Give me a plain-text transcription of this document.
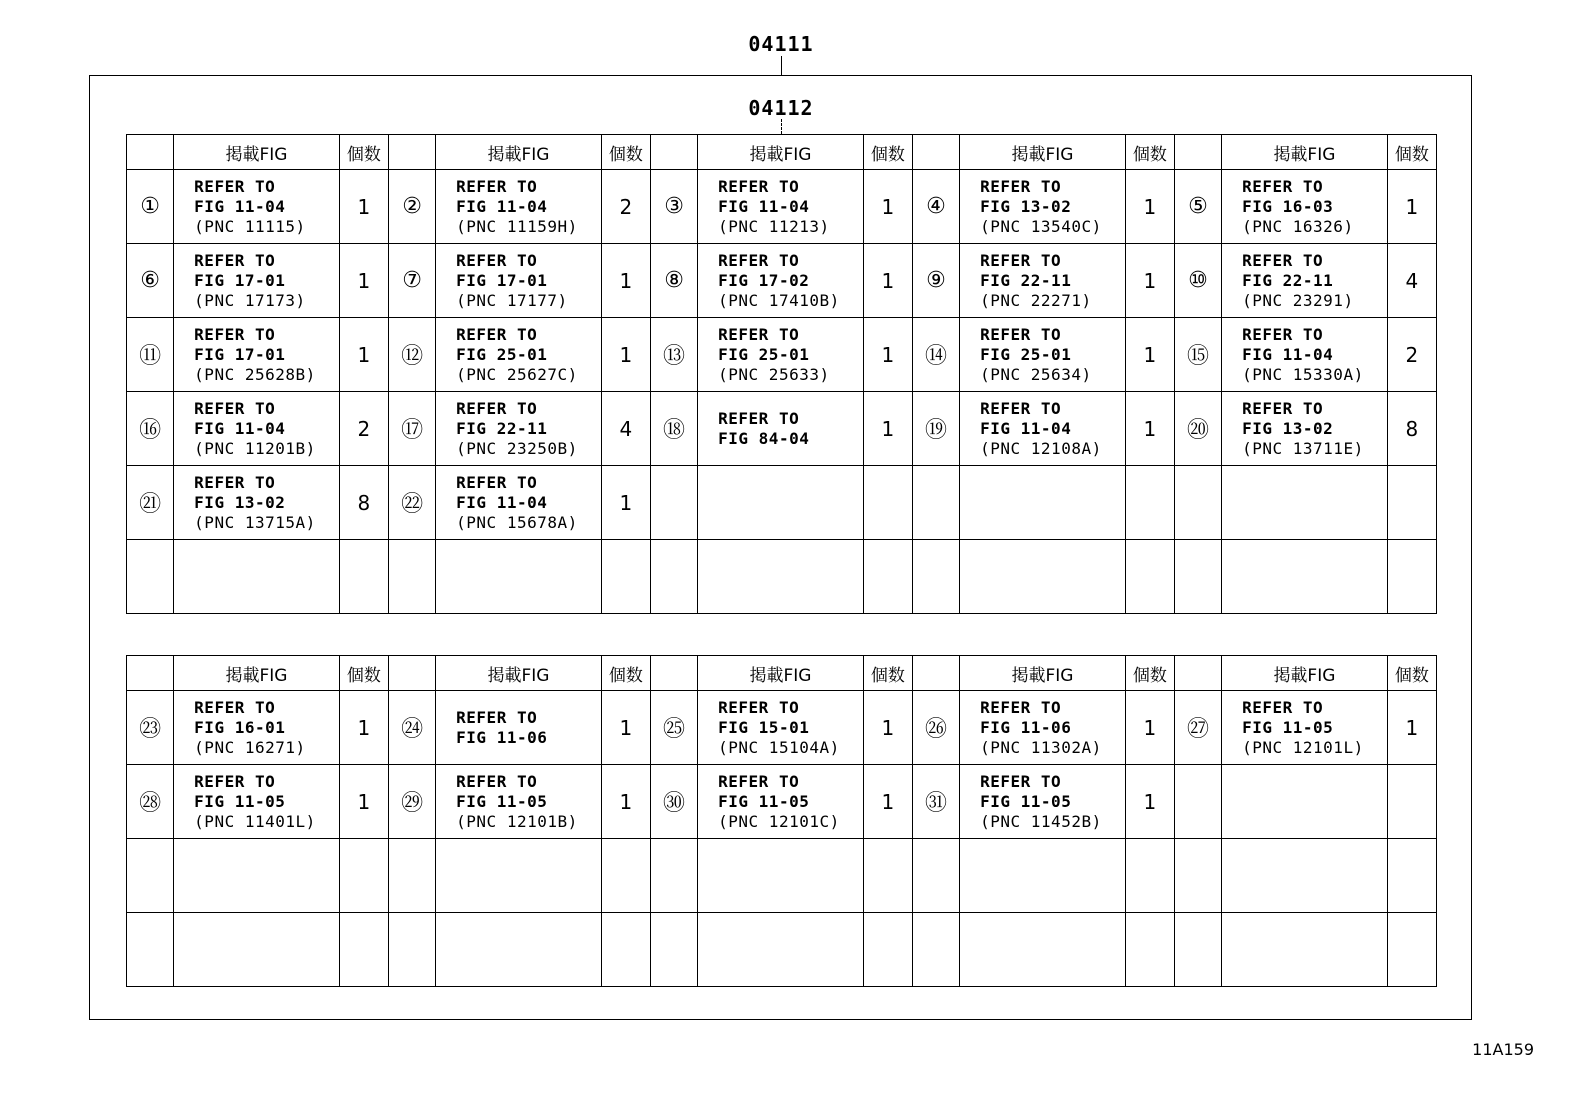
04111
04112
	掲載FIG	個数		掲載FIG	個数		掲載FIG	個数		掲載FIG	個数		掲載FIG	個数
①	REFER TO
FIG 11-04
(PNC 11115)	1	②	REFER TO
FIG 11-04
(PNC 11159H)	2	③	REFER TO
FIG 11-04
(PNC 11213)	1	④	REFER TO
FIG 13-02
(PNC 13540C)	1	⑤	REFER TO
FIG 16-03
(PNC 16326)	1
⑥	REFER TO
FIG 17-01
(PNC 17173)	1	⑦	REFER TO
FIG 17-01
(PNC 17177)	1	⑧	REFER TO
FIG 17-02
(PNC 17410B)	1	⑨	REFER TO
FIG 22-11
(PNC 22271)	1	⑩	REFER TO
FIG 22-11
(PNC 23291)	4
⑪	REFER TO
FIG 17-01
(PNC 25628B)	1	⑫	REFER TO
FIG 25-01
(PNC 25627C)	1	⑬	REFER TO
FIG 25-01
(PNC 25633)	1	⑭	REFER TO
FIG 25-01
(PNC 25634)	1	⑮	REFER TO
FIG 11-04
(PNC 15330A)	2
⑯	REFER TO
FIG 11-04
(PNC 11201B)	2	⑰	REFER TO
FIG 22-11
(PNC 23250B)	4	⑱	REFER TO
FIG 84-04	1	⑲	REFER TO
FIG 11-04
(PNC 12108A)	1	⑳	REFER TO
FIG 13-02
(PNC 13711E)	8
㉑	REFER TO
FIG 13-02
(PNC 13715A)	8	㉒	REFER TO
FIG 11-04
(PNC 15678A)	1									

	掲載FIG	個数		掲載FIG	個数		掲載FIG	個数		掲載FIG	個数		掲載FIG	個数
㉓	REFER TO
FIG 16-01
(PNC 16271)	1	㉔	REFER TO
FIG 11-06	1	㉕	REFER TO
FIG 15-01
(PNC 15104A)	1	㉖	REFER TO
FIG 11-06
(PNC 11302A)	1	㉗	REFER TO
FIG 11-05
(PNC 12101L)	1
㉘	REFER TO
FIG 11-05
(PNC 11401L)	1	㉙	REFER TO
FIG 11-05
(PNC 12101B)	1	㉚	REFER TO
FIG 11-05
(PNC 12101C)	1	㉛	REFER TO
FIG 11-05
(PNC 11452B)	1			

11A159
